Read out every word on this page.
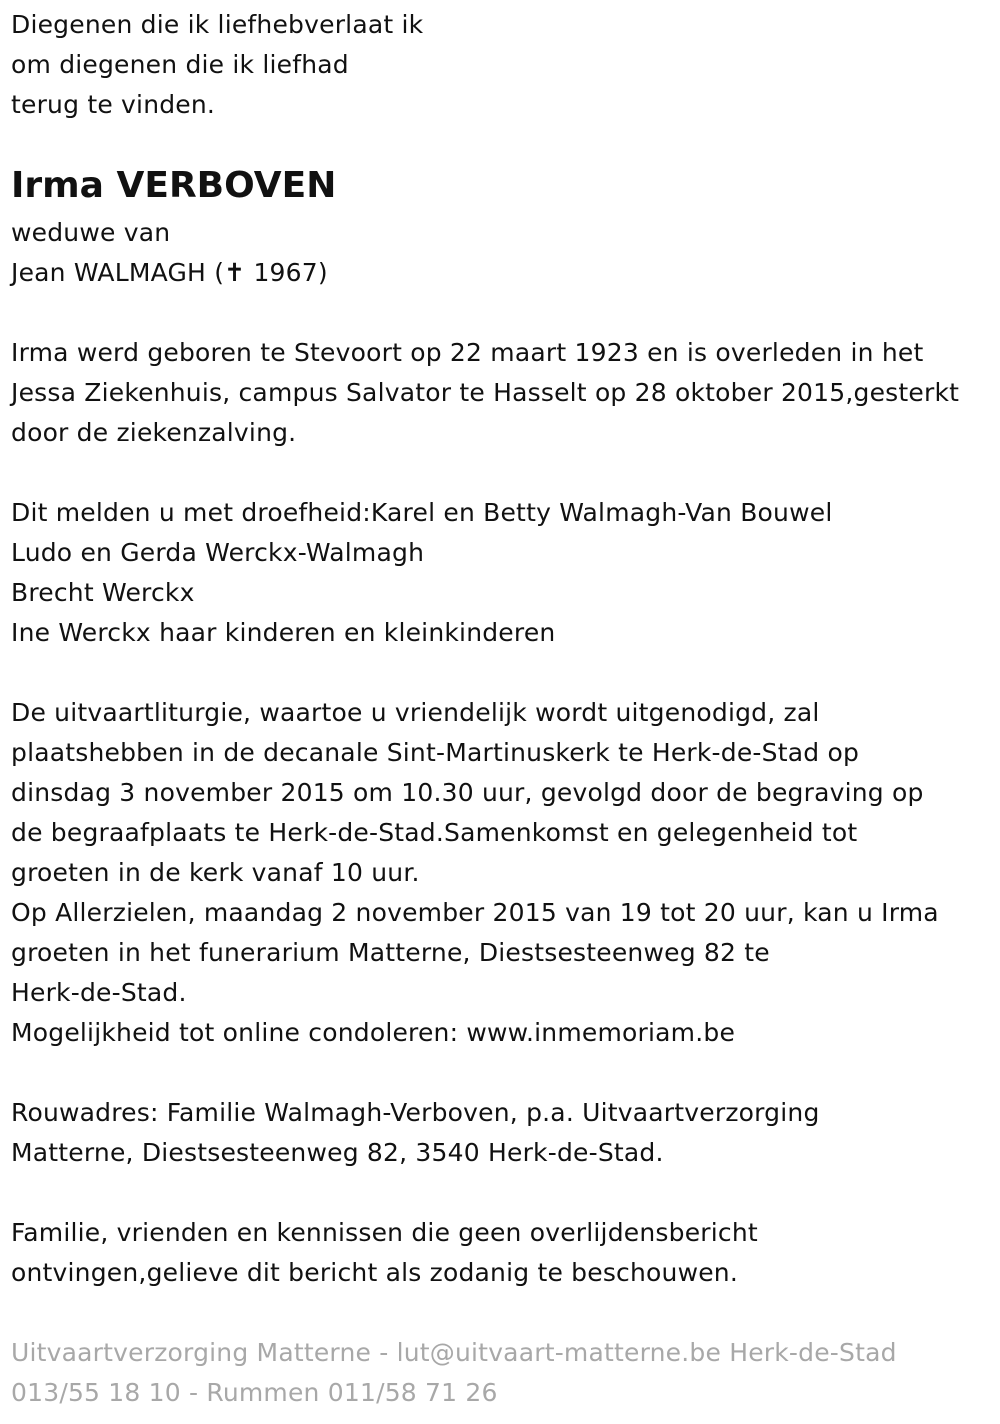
Diegenen die ik liefhebverlaat ik
om diegenen die ik liefhad
terug te vinden.
Irma VERBOVEN
weduwe van
Jean WALMAGH (✝ 1967)
Irma werd geboren te Stevoort op 22 maart 1923 en is overleden in het
Jessa Ziekenhuis, campus Salvator te Hasselt op 28 oktober 2015,gesterkt
door de ziekenzalving.
Dit melden u met droefheid:Karel en Betty Walmagh-Van Bouwel
Ludo en Gerda Werckx-Walmagh
Brecht Werckx
Ine Werckx haar kinderen en kleinkinderen
De uitvaartliturgie, waartoe u vriendelijk wordt uitgenodigd, zal
plaatshebben in de decanale Sint-Martinuskerk te Herk-de-Stad op
dinsdag 3 november 2015 om 10.30 uur, gevolgd door de begraving op
de begraafplaats te Herk-de-Stad.Samenkomst en gelegenheid tot
groeten in de kerk vanaf 10 uur.
Op Allerzielen, maandag 2 november 2015 van 19 tot 20 uur, kan u Irma
groeten in het funerarium Matterne, Diestsesteenweg 82 te
Herk-de-Stad.
Mogelijkheid tot online condoleren: www.inmemoriam.be
Rouwadres: Familie Walmagh-Verboven, p.a. Uitvaartverzorging
Matterne, Diestsesteenweg 82, 3540 Herk-de-Stad.
Familie, vrienden en kennissen die geen overlijdensbericht
ontvingen,gelieve dit bericht als zodanig te beschouwen.
Uitvaartverzorging Matterne - lut@uitvaart-matterne.be Herk-de-Stad
013/55 18 10 - Rummen 011/58 71 26
